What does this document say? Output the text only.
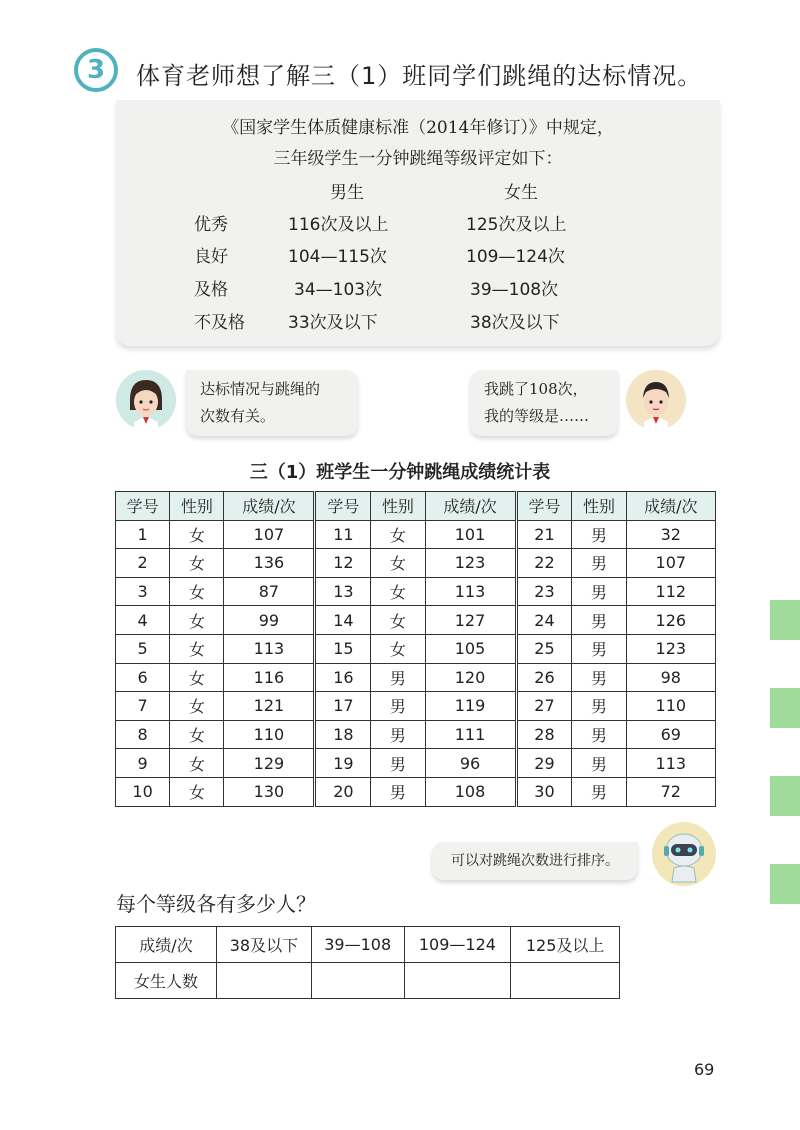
3	体育老师想了解三（1）班同学们跳绳的达标情况。
《国家学生体质健康标准（2014年修订）》中规定，
三年级学生一分钟跳绳等级评定如下：
男生	女生
优秀	116次及以上	125次及以上
良好	104—115次	109—124次
及格	34—103次	39—108次
不及格	33次及以下	38次及以下
达标情况与跳绳的
次数有关。
我跳了108次，
我的等级是……
三（1）班学生一分钟跳绳成绩统计表
学号	性别	成绩/次	学号	性别	成绩/次	学号	性别	成绩/次
1	女	107	11	女	101	21	男	32
2	女	136	12	女	123	22	男	107
3	女	87	13	女	113	23	男	112
4	女	99	14	女	127	24	男	126
5	女	113	15	女	105	25	男	123
6	女	116	16	男	120	26	男	98
7	女	121	17	男	119	27	男	110
8	女	110	18	男	111	28	男	69
9	女	129	19	男	96	29	男	113
10	女	130	20	男	108	30	男	72
可以对跳绳次数进行排序。
每个等级各有多少人？
成绩/次	38及以下	39—108	109—124	125及以上
女生人数				
69
